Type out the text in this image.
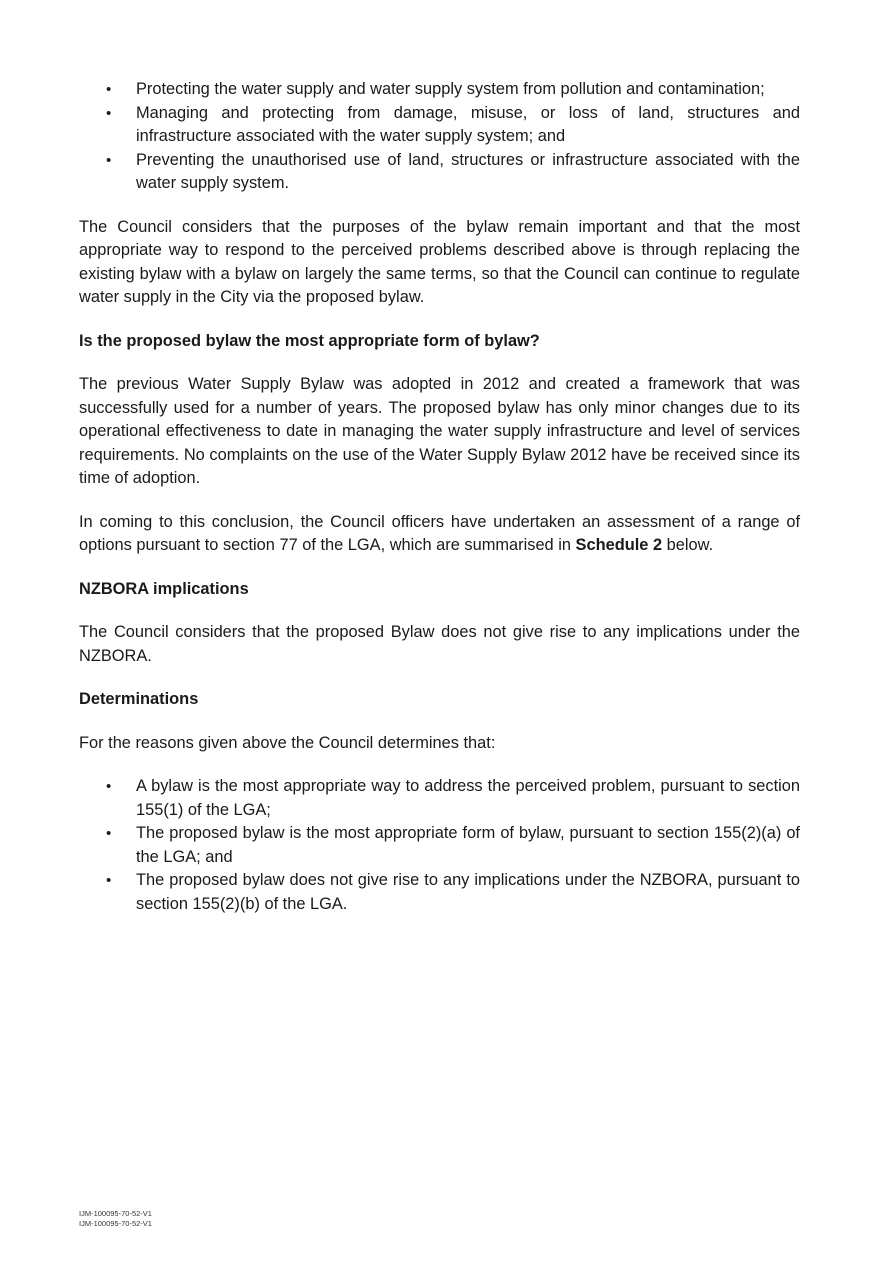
• Protecting the water supply and water supply system from pollution and contamination;
• Managing and protecting from damage, misuse, or loss of land, structures and infrastructure associated with the water supply system; and
• Preventing the unauthorised use of land, structures or infrastructure associated with the water supply system.

The Council considers that the purposes of the bylaw remain important and that the most appropriate way to respond to the perceived problems described above is through replacing the existing bylaw with a bylaw on largely the same terms, so that the Council can continue to regulate water supply in the City via the proposed bylaw.

Is the proposed bylaw the most appropriate form of bylaw?

The previous Water Supply Bylaw was adopted in 2012 and created a framework that was successfully used for a number of years. The proposed bylaw has only minor changes due to its operational effectiveness to date in managing the water supply infrastructure and level of services requirements. No complaints on the use of the Water Supply Bylaw 2012 have be received since its time of adoption.

In coming to this conclusion, the Council officers have undertaken an assessment of a range of options pursuant to section 77 of the LGA, which are summarised in Schedule 2 below.

NZBORA implications

The Council considers that the proposed Bylaw does not give rise to any implications under the NZBORA.

Determinations

For the reasons given above the Council determines that:

• A bylaw is the most appropriate way to address the perceived problem, pursuant to section 155(1) of the LGA;
• The proposed bylaw is the most appropriate form of bylaw, pursuant to section 155(2)(a) of the LGA; and
• The proposed bylaw does not give rise to any implications under the NZBORA, pursuant to section 155(2)(b) of the LGA.
IJM-100095-70-52-V1
IJM-100095-70-52-V1
